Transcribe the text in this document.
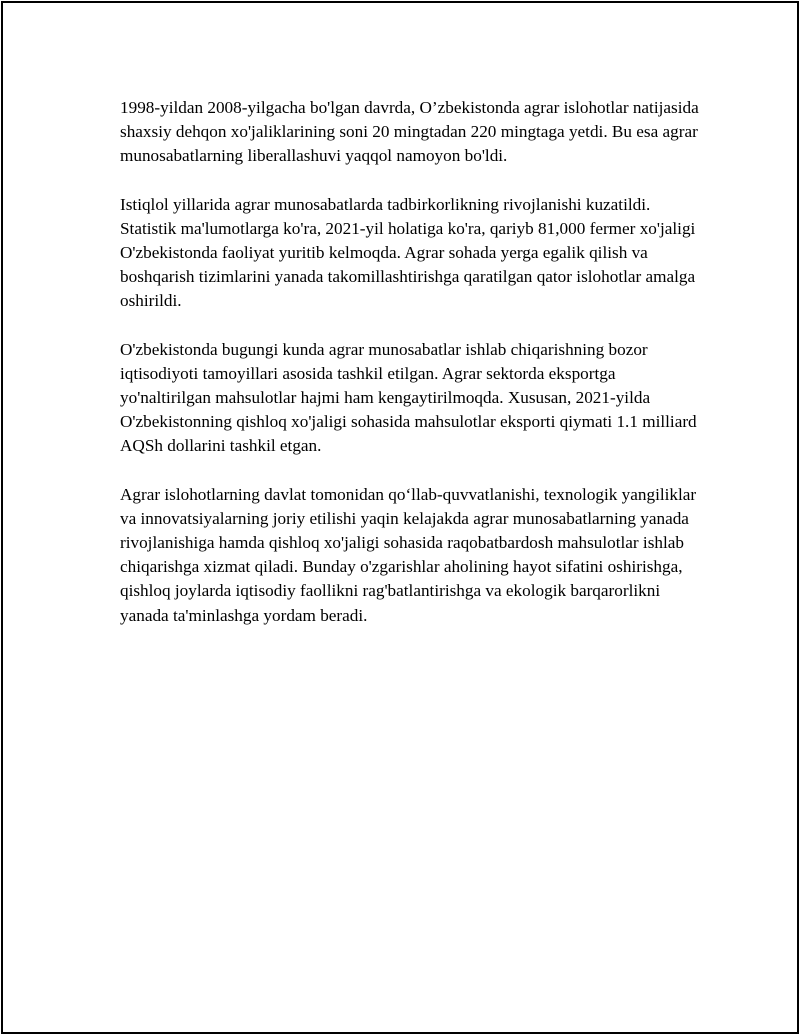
1998-yildan 2008-yilgacha bo'lgan davrda, O’zbekistonda agrar islohotlar natijasida shaxsiy dehqon xo'jaliklarining soni 20 mingtadan 220 mingtaga yetdi. Bu esa agrar munosabatlarning liberallashuvi yaqqol namoyon bo'ldi.

Istiqlol yillarida agrar munosabatlarda tadbirkorlikning rivojlanishi kuzatildi. Statistik ma'lumotlarga ko'ra, 2021-yil holatiga ko'ra, qariyb 81,000 fermer xo'jaligi O'zbekistonda faoliyat yuritib kelmoqda. Agrar sohada yerga egalik qilish va boshqarish tizimlarini yanada takomillashtirishga qaratilgan qator islohotlar amalga oshirildi.

O'zbekistonda bugungi kunda agrar munosabatlar ishlab chiqarishning bozor iqtisodiyoti tamoyillari asosida tashkil etilgan. Agrar sektorda eksportga yo'naltirilgan mahsulotlar hajmi ham kengaytirilmoqda. Xususan, 2021-yilda O'zbekistonning qishloq xo'jaligi sohasida mahsulotlar eksporti qiymati 1.1 milliard AQSh dollarini tashkil etgan.

Agrar islohotlarning davlat tomonidan qo‘llab-quvvatlanishi, texnologik yangiliklar va innovatsiyalarning joriy etilishi yaqin kelajakda agrar munosabatlarning yanada rivojlanishiga hamda qishloq xo'jaligi sohasida raqobatbardosh mahsulotlar ishlab chiqarishga xizmat qiladi. Bunday o'zgarishlar aholining hayot sifatini oshirishga, qishloq joylarda iqtisodiy faollikni rag'batlantirishga va ekologik barqarorlikni yanada ta'minlashga yordam beradi.
